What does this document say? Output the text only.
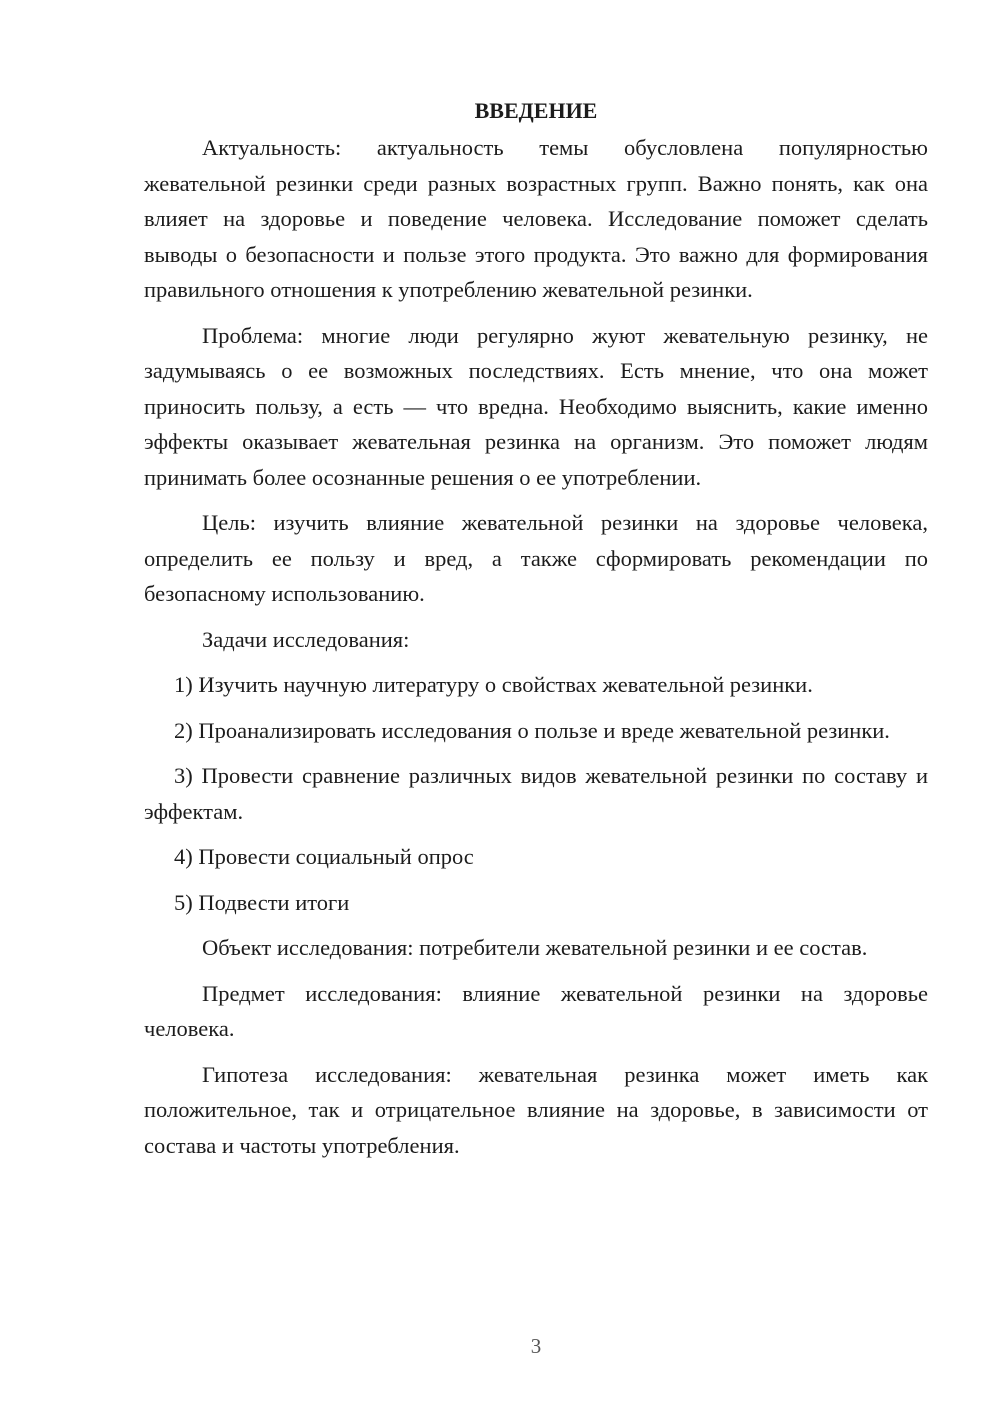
ВВЕДЕНИЕ

Актуальность: актуальность темы обусловлена популярностью жевательной резинки среди разных возрастных групп. Важно понять, как она влияет на здоровье и поведение человека. Исследование поможет сделать выводы о безопасности и пользе этого продукта. Это важно для формирования правильного отношения к употреблению жевательной резинки.

Проблема: многие люди регулярно жуют жевательную резинку, не задумываясь о ее возможных последствиях. Есть мнение, что она может приносить пользу, а есть — что вредна. Необходимо выяснить, какие именно эффекты оказывает жевательная резинка на организм. Это поможет людям принимать более осознанные решения о ее употреблении.

Цель: изучить влияние жевательной резинки на здоровье человека, определить ее пользу и вред, а также сформировать рекомендации по безопасному использованию.

Задачи исследования:

1) Изучить научную литературу о свойствах жевательной резинки.

2) Проанализировать исследования о пользе и вреде жевательной резинки.

3) Провести сравнение различных видов жевательной резинки по составу и эффектам.

4) Провести социальный опрос

5) Подвести итоги

Объект исследования: потребители жевательной резинки и ее состав.

Предмет исследования: влияние жевательной резинки на здоровье человека.

Гипотеза исследования: жевательная резинка может иметь как положительное, так и отрицательное влияние на здоровье, в зависимости от состава и частоты употребления.

3
